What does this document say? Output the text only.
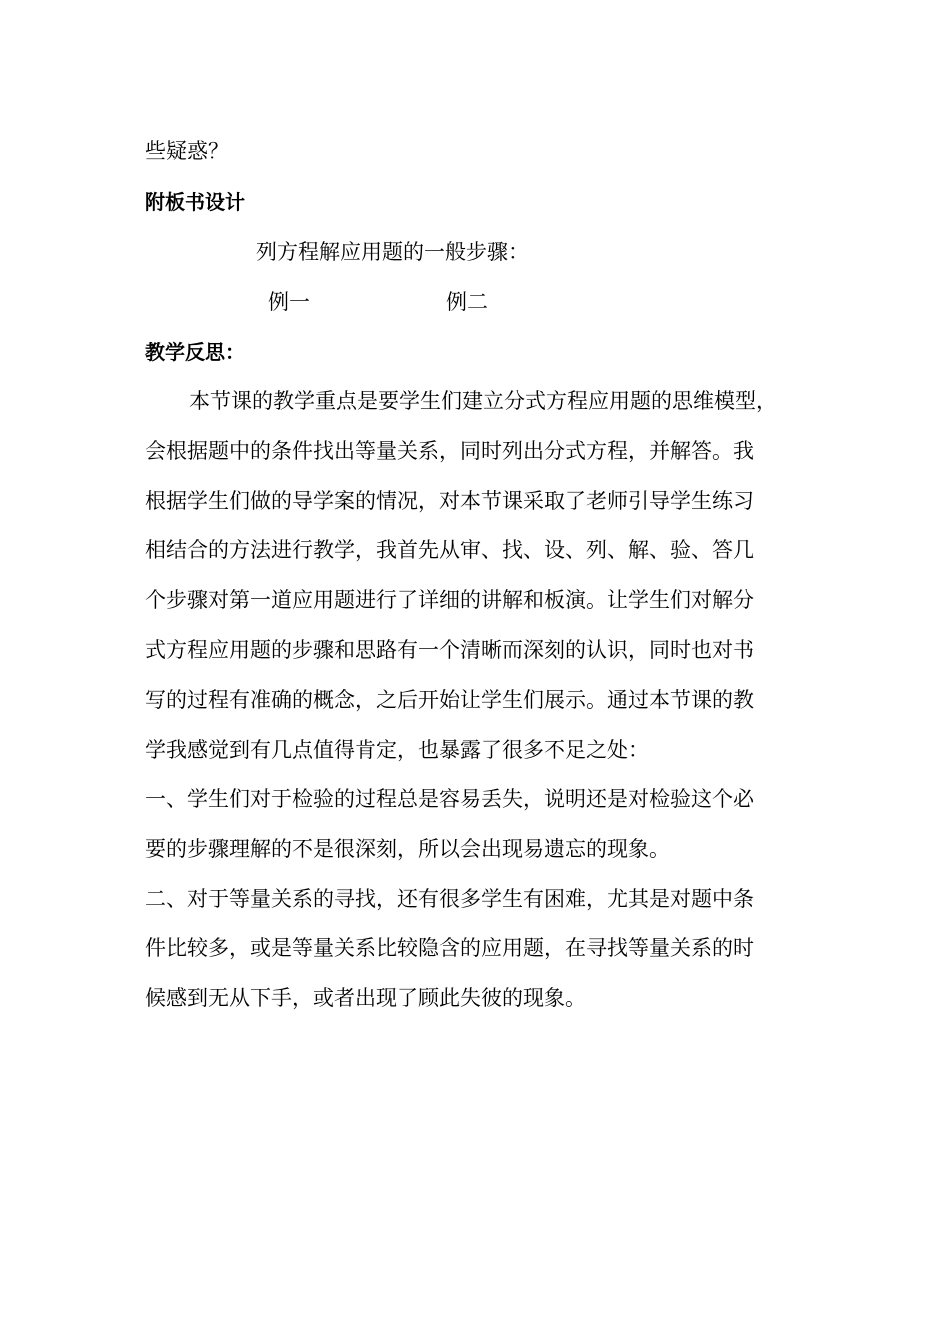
些疑惑？

附板书设计

列方程解应用题的一般步骤：

例一	例二

教学反思：

本节课的教学重点是要学生们建立分式方程应用题的思维模型，

会根据题中的条件找出等量关系，同时列出分式方程，并解答。我

根据学生们做的导学案的情况，对本节课采取了老师引导学生练习

相结合的方法进行教学，我首先从审、找、设、列、解、验、答几

个步骤对第一道应用题进行了详细的讲解和板演。让学生们对解分

式方程应用题的步骤和思路有一个清晰而深刻的认识，同时也对书

写的过程有准确的概念，之后开始让学生们展示。通过本节课的教

学我感觉到有几点值得肯定，也暴露了很多不足之处：

一、学生们对于检验的过程总是容易丢失，说明还是对检验这个必

要的步骤理解的不是很深刻，所以会出现易遗忘的现象。

二、对于等量关系的寻找，还有很多学生有困难，尤其是对题中条

件比较多，或是等量关系比较隐含的应用题，在寻找等量关系的时

候感到无从下手，或者出现了顾此失彼的现象。
